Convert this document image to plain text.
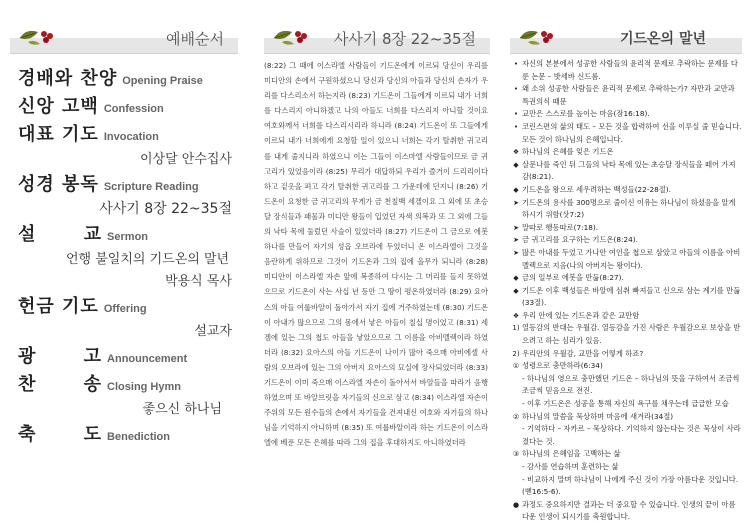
예배순서
경배와 찬양 Opening Praise
신앙 고백 Confession
대표 기도 Invocation
이상달 안수집사
성경 봉독 Scripture Reading
사사기 8장 22~35절
설 교 Sermon
언행 불일치의 기드온의 말년
박용식 목사
헌금 기도 Offering
설교자
광 고 Announcement
찬 송 Closing Hymn
좋으신 하나님
축 도 Benediction
사사기 8장 22~35절
(8:22) 그 때에 이스라엘 사람들이 기드온에게 이르되 당신이 우리를 미디안의 손에서 구원하셨으니 당신과 당신의 아들과 당신의 손자가 우리를 다스리소서 하는지라 (8:23) 기드온이 그들에게 이르되 내가 너희를 다스리지 아니하겠고 나의 아들도 너희를 다스리지 아니할 것이요 여호와께서 너희를 다스리시리라 하니라 (8:24) 기드온이 또 그들에게 이르되 내가 너희에게 요청할 일이 있으니 너희는 각기 탈취한 귀고리를 내게 줄지니라 하였으니 이는 그들이 이스마엘 사람들이므로 금 귀고리가 있었음이라 (8:25) 무리가 대답하되 우리가 즐거이 드리리이다 하고 겉옷을 펴고 각기 탈취한 귀고리를 그 가운데에 던지니 (8:26) 기드온이 요청한 금 귀고리의 무게가 금 천칠백 세겔이요 그 외에 또 초승달 장식들과 패물과 미디안 왕들이 입었던 자색 의복과 또 그 외에 그들의 낙타 목에 둘렀던 사슬이 있었더라 (8:27) 기드온이 그 금으로 에봇 하나를 만들어 자기의 성읍 오브라에 두었더니 온 이스라엘이 그것을 음란하게 위하므로 그것이 기드온과 그의 집에 올무가 되니라 (8:28) 미디안이 이스라엘 자손 앞에 복종하여 다시는 그 머리를 들지 못하였으므로 기드온이 사는 사십 년 동안 그 땅이 평온하였더라 (8:29) 요아스의 아들 여룹바알이 돌아가서 자기 집에 거주하였는데 (8:30) 기드온이 아내가 많으므로 그의 몸에서 낳은 아들이 칠십 명이었고 (8:31) 세겜에 있는 그의 첩도 아들을 낳았으므로 그 이름을 아비멜렉이라 하였더라 (8:32) 요아스의 아들 기드온이 나이가 많아 죽으매 아비에셀 사람의 오브라에 있는 그의 아버지 요아스의 묘실에 장사되었더라 (8:33) 기드온이 이미 죽으매 이스라엘 자손이 돌아서서 바알들을 따라가 음행하였으며 또 바알브릿을 자기들의 신으로 삼고 (8:34) 이스라엘 자손이 주위의 모든 원수들의 손에서 자기들을 건져내신 여호와 자기들의 하나님을 기억하지 아니하며 (8:35) 또 여룹바알이라 하는 기드온이 이스라엘에 베푼 모든 은혜를 따라 그의 집을 후대하지도 아니하였더라
기드온의 말년
• 자신의 본분에서 성공한 사람들의 윤리적 문제로 추락하는 문제를 다룬 논문 – 밧세바 신드롬.
• 왜 소위 성공한 사람들은 윤리적 문제로 추락하는가? 자만과 교만과 특권의식 때문
• 교만은 스스로를 높이는 마음(잠16:18).
• 코린스편의 삶의 태도 – 모든 것을 합력하여 선을 이루실 줄 믿습니다. 모든 것이 하나님의 은혜입니다.
❖ 하나님의 은혜를 잊은 기드온
◆ 살문나를 죽인 뒤 그들의 낙타 목에 있는 초승달 장식들을 떼어 가져감(8:21).
◆ 기드온을 왕으로 세우려하는 백성들(22-28절).
➤ 기드온의 용사를 300명으로 줄이신 이유는 하나님이 하셨음을 알게 하시기 위함(삿7:2)
➤ 말따로 행동따로(7:18).
➤ 금 귀고리를 요구하는 기드온(8:24).
➤ 많은 아내를 두었고 가나안 여인을 첩으로 삼았고 아들의 이름을 아비멜렉으로 지음(나의 아버지는 왕이다).
◆ 금의 일부로 에봇을 만듦(8:27).
◆ 기드온 이후 백성들은 바알에 심취 빠져들고 신으로 삼는 계기를 만듦(33절).
❖ 우리 안에 있는 기드온과 같은 교만함
1) 열등감의 반대는 우월감. 열등감을 가진 사람은 우월감으로 보상을 받으려고 하는 심리가 있음.
2) 우리안의 우월감, 교만을 어떻게 하죠?
① 성령으로 충만하라(6:34)
- 하나님의 영으로 충만했던 기드온 – 하나님의 뜻을 구하여서 조금씩 조금씩 믿음으로 전진.
- 이후 기드온은 성공을 통해 자신의 욕구를 채우는데 급급한 모습
② 하나님의 말씀을 묵상하며 마음에 새겨라(34절)
- 기억하다 – 자카르 – 묵상하다. 기억하지 않는다는 것은 묵상이 사라졌다는 것.
③ 하나님의 은혜임을 고백하는 삶
- 감사를 연습하며 훈련하는 삶
- 비교하지 말며 하나님이 나에게 주신 것이 가장 아름다운 것입니다.(벧16:5-6).
● 과정도 중요하지만 결과는 더 중요할 수 있습니다. 인생의 끝이 아름다운 인생이 되시기를 축원합니다.
